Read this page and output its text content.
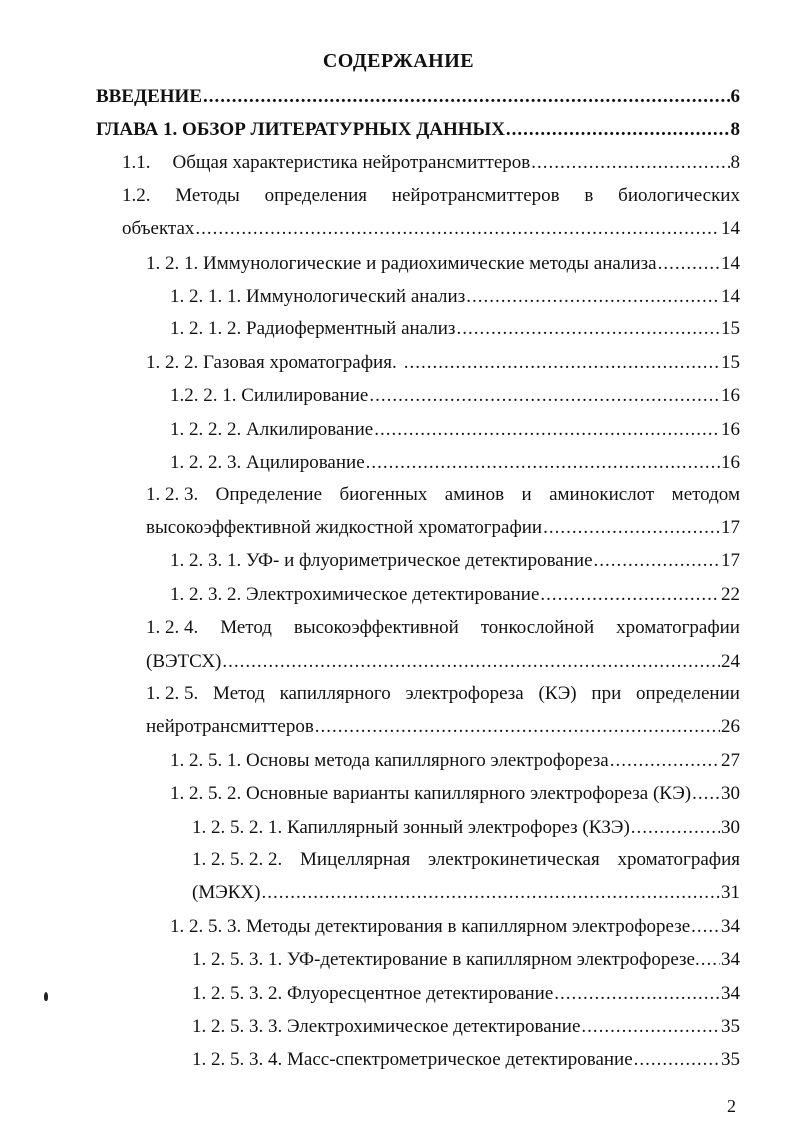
СОДЕРЖАНИЕ
ВВЕДЕНИЕ .....	6
ГЛАВА 1. ОБЗОР ЛИТЕРАТУРНЫХ ДАННЫХ .....	8
1.1. Общая характеристика нейротрансмиттеров .....	8
1.2. Методы определения нейротрансмиттеров в биологических
объектах .....	14
1. 2. 1. Иммунологические и радиохимические методы анализа .....	14
1. 2. 1. 1. Иммунологический анализ .....	14
1. 2. 1. 2. Радиоферментный анализ .....	15
1. 2. 2. Газовая хроматография. .....	15
1.2. 2. 1. Силилирование .....	16
1. 2. 2. 2. Алкилирование .....	16
1. 2. 2. 3. Ацилирование .....	16
1. 2. 3. Определение биогенных аминов и аминокислот методом
высокоэффективной жидкостной хроматографии .....	17
1. 2. 3. 1. УФ- и флуориметрическое детектирование .....	17
1. 2. 3. 2. Электрохимическое детектирование .....	22
1. 2. 4. Метод высокоэффективной тонкослойной хроматографии
(ВЭТСХ) .....	24
1. 2. 5. Метод капиллярного электрофореза (КЭ) при определении
нейротрансмиттеров .....	26
1. 2. 5. 1. Основы метода капиллярного электрофореза .....	27
1. 2. 5. 2. Основные варианты капиллярного электрофореза (КЭ) ..... 30
1. 2. 5. 2. 1. Капиллярный зонный электрофорез (КЗЭ) .....	30
1. 2. 5. 2. 2. Мицеллярная электрокинетическая хроматография
(МЭКХ) .....	31
1. 2. 5. 3. Методы детектирования в капиллярном электрофорезе ..... 34
1. 2. 5. 3. 1. УФ-детектирование в капиллярном электрофорезе. ..... 34
1. 2. 5. 3. 2. Флуоресцентное детектирование .....	34
1. 2. 5. 3. 3. Электрохимическое детектирование .....	35
1. 2. 5. 3. 4. Масс-спектрометрическое детектирование .....	35
2
